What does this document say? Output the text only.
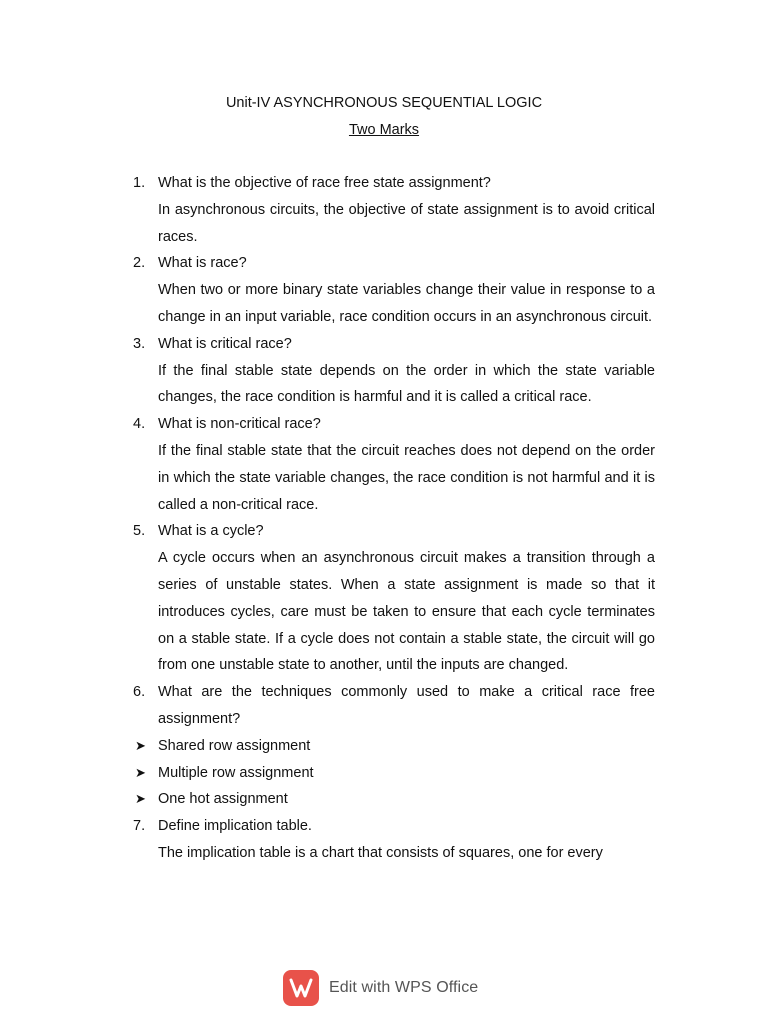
Unit-IV ASYNCHRONOUS SEQUENTIAL LOGIC
Two Marks
1. What is the objective of race free state assignment?
In asynchronous circuits, the objective of state assignment is to avoid critical races.
2. What is race?
When two or more binary state variables change their value in response to a change in an input variable, race condition occurs in an asynchronous circuit.
3. What is critical race?
If the final stable state depends on the order in which the state variable changes, the race condition is harmful and it is called a critical race.
4. What is non-critical race?
If the final stable state that the circuit reaches does not depend on the order in which the state variable changes, the race condition is not harmful and it is called a non-critical race.
5. What is a cycle?
A cycle occurs when an asynchronous circuit makes a transition through a series of unstable states. When a state assignment is made so that it introduces cycles, care must be taken to ensure that each cycle terminates on a stable state. If a cycle does not contain a stable state, the circuit will go from one unstable state to another, until the inputs are changed.
6. What are the techniques commonly used to make a critical race free assignment?
➤ Shared row assignment
➤ Multiple row assignment
➤ One hot assignment
7. Define implication table.
The implication table is a chart that consists of squares, one for every
Edit with WPS Office
